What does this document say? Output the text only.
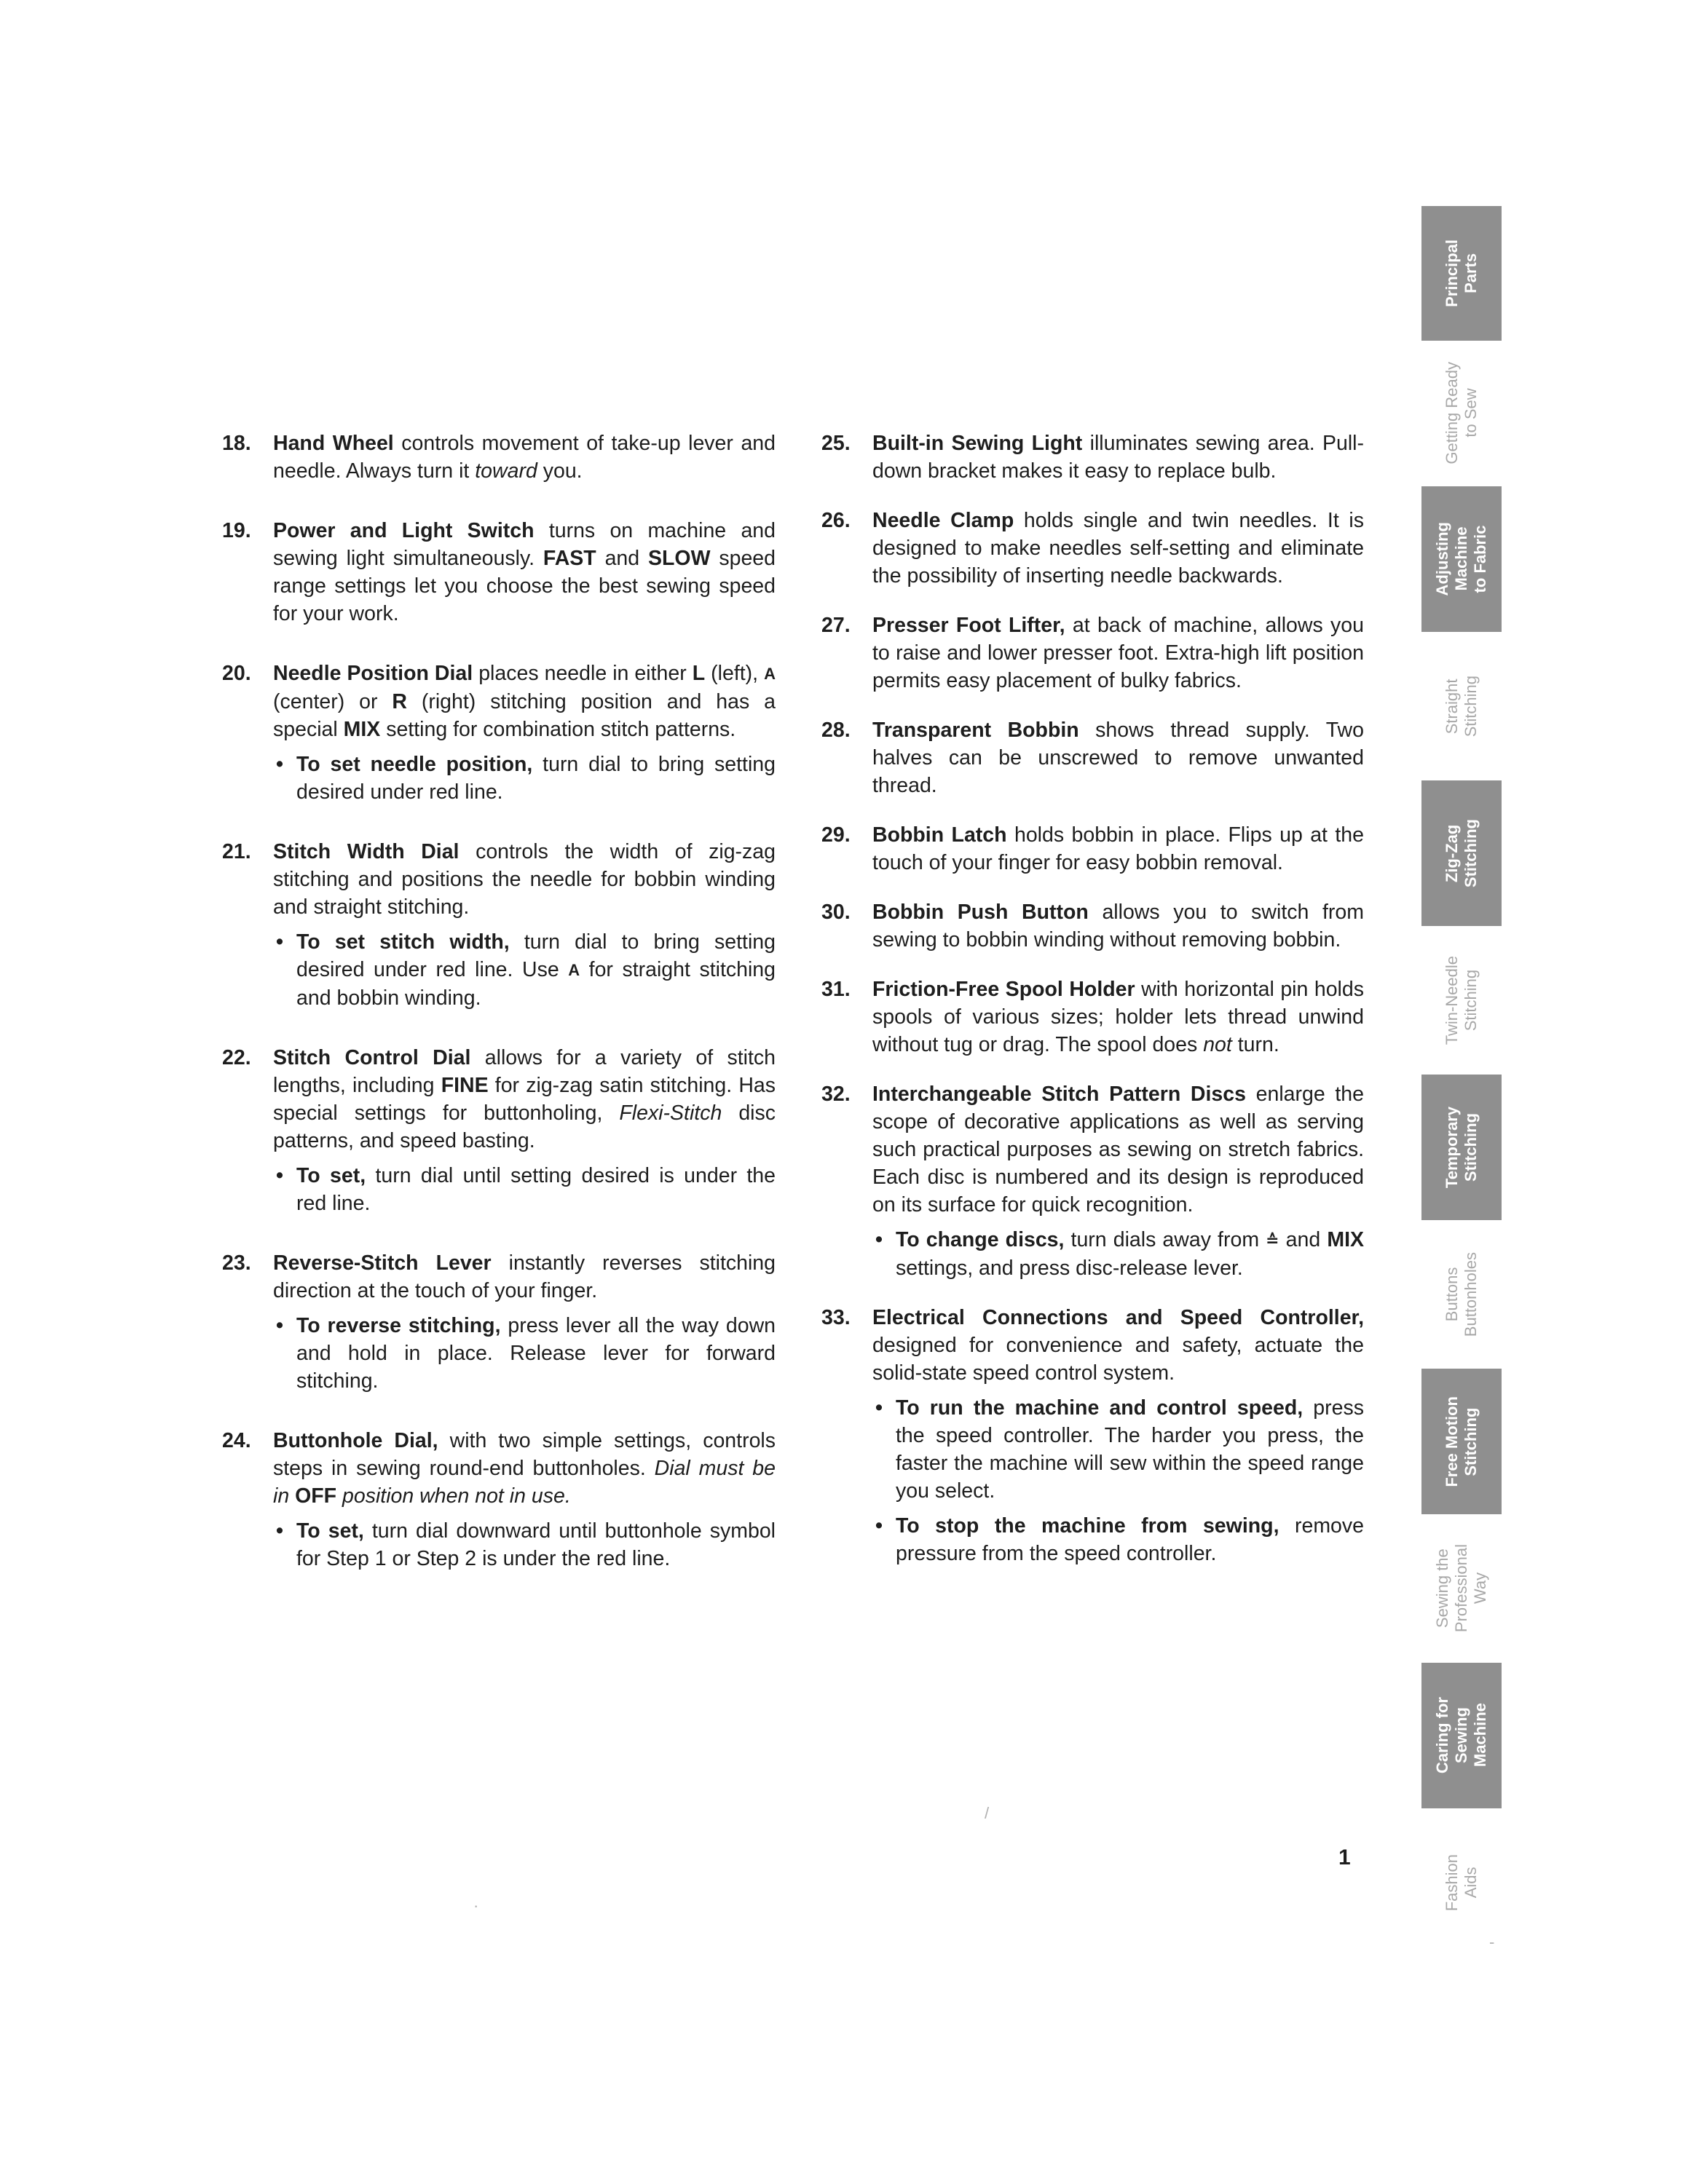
Principal
Parts
Getting Ready
to Sew
Adjusting
Machine
to Fabric
Straight
Stitching
Zig-Zag
Stitching
Twin-Needle
Stitching
Temporary
Stitching
Buttons
Buttonholes
Free Motion
Stitching
Sewing the
Professional
Way
Caring for
Sewing
Machine
Fashion
Aids
18. Hand Wheel controls movement of take-up lever and needle. Always turn it toward you.
19. Power and Light Switch turns on machine and sewing light simultaneously. FAST and SLOW speed range settings let you choose the best sewing speed for your work.
20. Needle Position Dial places needle in either L (left), A (center) or R (right) stitching position and has a special MIX setting for combination stitch patterns.
• To set needle position, turn dial to bring setting desired under red line.
21. Stitch Width Dial controls the width of zig-zag stitching and positions the needle for bobbin winding and straight stitching.
• To set stitch width, turn dial to bring setting desired under red line. Use A for straight stitching and bobbin winding.
22. Stitch Control Dial allows for a variety of stitch lengths, including FINE for zig-zag satin stitching. Has special settings for buttonholing, Flexi-Stitch disc patterns, and speed basting.
• To set, turn dial until setting desired is under the red line.
23. Reverse-Stitch Lever instantly reverses stitching direction at the touch of your finger.
• To reverse stitching, press lever all the way down and hold in place. Release lever for forward stitching.
24. Buttonhole Dial, with two simple settings, controls steps in sewing round-end buttonholes. Dial must be in OFF position when not in use.
• To set, turn dial downward until buttonhole symbol for Step 1 or Step 2 is under the red line.
25. Built-in Sewing Light illuminates sewing area. Pull-down bracket makes it easy to replace bulb.
26. Needle Clamp holds single and twin needles. It is designed to make needles self-setting and eliminate the possibility of inserting needle backwards.
27. Presser Foot Lifter, at back of machine, allows you to raise and lower presser foot. Extra-high lift position permits easy placement of bulky fabrics.
28. Transparent Bobbin shows thread supply. Two halves can be unscrewed to remove unwanted thread.
29. Bobbin Latch holds bobbin in place. Flips up at the touch of your finger for easy bobbin removal.
30. Bobbin Push Button allows you to switch from sewing to bobbin winding without removing bobbin.
31. Friction-Free Spool Holder with horizontal pin holds spools of various sizes; holder lets thread unwind without tug or drag. The spool does not turn.
32. Interchangeable Stitch Pattern Discs enlarge the scope of decorative applications as well as serving such practical purposes as sewing on stretch fabrics. Each disc is numbered and its design is reproduced on its surface for quick recognition.
• To change discs, turn dials away from ≙ and MIX settings, and press disc-release lever.
33. Electrical Connections and Speed Controller, designed for convenience and safety, actuate the solid-state speed control system.
• To run the machine and control speed, press the speed controller. The harder you press, the faster the machine will sew within the speed range you select.
• To stop the machine from sewing, remove pressure from the speed controller.
1
/
·
-
